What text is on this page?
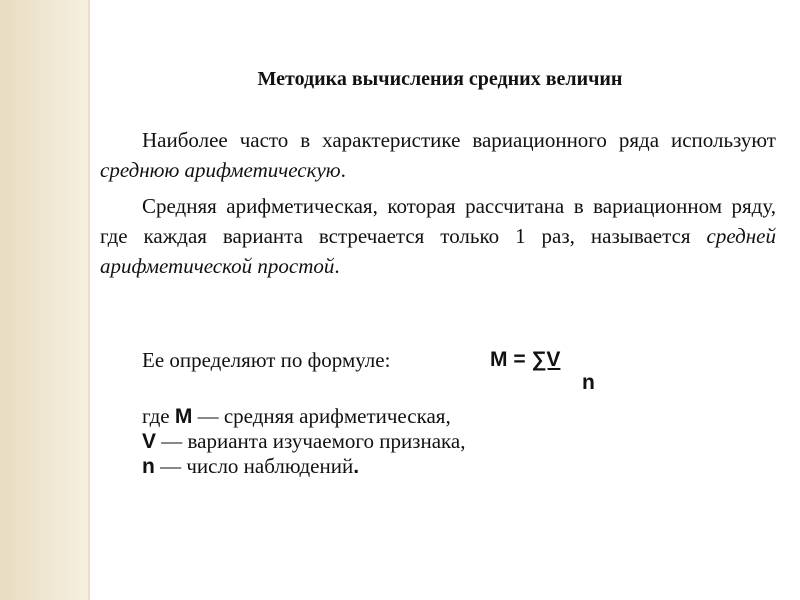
Методика вычисления средних величин
Наиболее часто в характеристике вариационного ряда используют среднюю арифметическую.
Средняя арифметическая, которая рассчитана в вариационном ряду, где каждая варианта встречается только 1 раз, называется средней арифметической простой.
Ее определяют по формуле:	М = ∑V
n
где М — средняя арифметическая,
V — варианта изучаемого признака,
n — число наблюдений.
